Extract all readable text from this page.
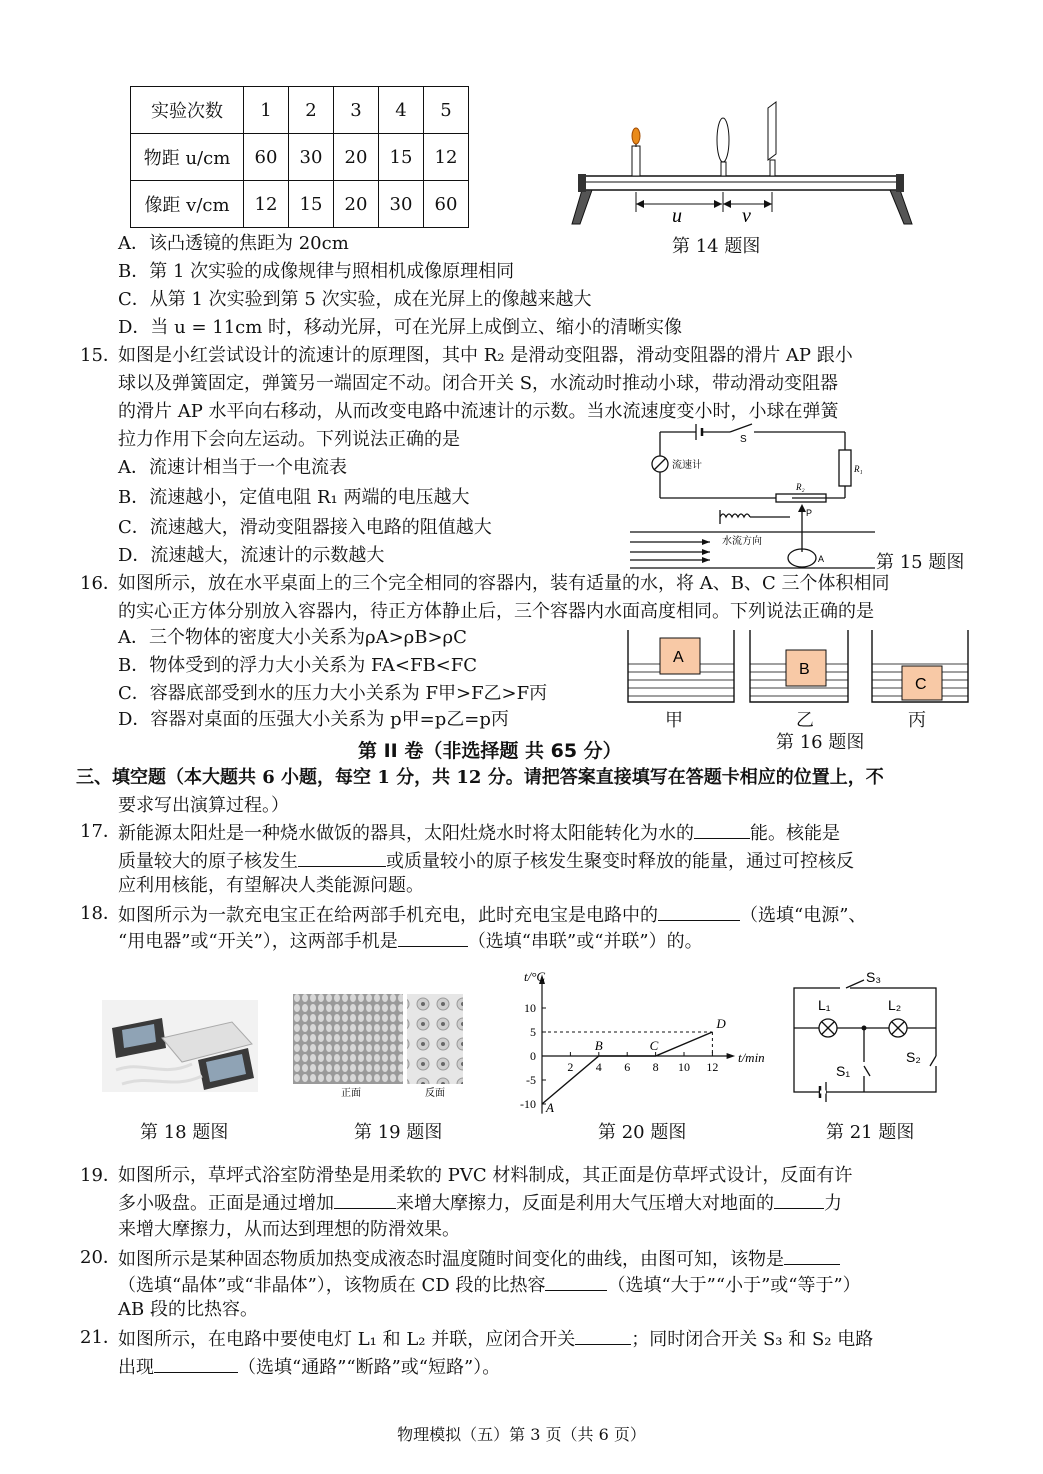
实验次数	1	2	3	4	5
物距 u/cm	60	30	20	15	12
像距 v/cm	12	15	20	30	60
u	v
第 14 题图
A．该凸透镜的焦距为 20cm
B．第 1 次实验的成像规律与照相机成像原理相同
C．从第 1 次实验到第 5 次实验，成在光屏上的像越来越大
D．当 u = 11cm 时，移动光屏，可在光屏上成倒立、缩小的清晰实像
15．
如图是小红尝试设计的流速计的原理图，其中 R₂ 是滑动变阻器，滑动变阻器的滑片 AP 跟小
球以及弹簧固定，弹簧另一端固定不动。闭合开关 S，水流动时推动小球，带动滑动变阻器
的滑片 AP 水平向右移动，从而改变电路中流速计的示数。当水流速度变小时，小球在弹簧
拉力作用下会向左运动。下列说法正确的是
A．流速计相当于一个电流表
B．流速越小，定值电阻 R₁ 两端的电压越大
C．流速越大，滑动变阻器接入电路的阻值越大
D．流速越大，流速计的示数越大
S
流速计	R₁
R₂
P
水流方向
A	第 15 题图
16．
如图所示，放在水平桌面上的三个完全相同的容器内，装有适量的水，将 A、B、C 三个体积相同
的实心正方体分别放入容器内，待正方体静止后，三个容器内水面高度相同。下列说法正确的是
A．三个物体的密度大小关系为ρA>ρB>ρC
B．物体受到的浮力大小关系为 FA<FB<FC
C．容器底部受到水的压力大小关系为 F甲>F乙>F丙
D．容器对桌面的压强大小关系为 p甲=p乙=p丙
A
B
C
甲	乙	丙
第 16 题图
第 II 卷（非选择题 共 65 分）
三、填空题（本大题共 6 小题，每空 1 分，共 12 分。请把答案直接填写在答题卡相应的位置上，不
要求写出演算过程。）
17．
新能源太阳灶是一种烧水做饭的器具，太阳灶烧水时将太阳能转化为水的	能。核能是
质量较大的原子核发生	或质量较小的原子核发生聚变时释放的能量，通过可控核反
应利用核能，有望解决人类能源问题。
18．
如图所示为一款充电宝正在给两部手机充电，此时充电宝是电路中的	（选填“电源”、
“用电器”或“开关”），这两部手机是	（选填“串联”或“并联”）的。
正面	反面
t/°C
t/min
10
5
0
-5
-10
2 4 6 8 10 12
A
B	C
D
S₃
L₁	L₂
S₁
S₂
第 18 题图	第 19 题图	第 20 题图	第 21 题图
19．
如图所示，草坪式浴室防滑垫是用柔软的 PVC 材料制成，其正面是仿草坪式设计，反面有许
多小吸盘。正面是通过增加	来增大摩擦力，反面是利用大气压增大对地面的	力
来增大摩擦力，从而达到理想的防滑效果。
20．
如图所示是某种固态物质加热变成液态时温度随时间变化的曲线，由图可知，该物是
（选填“晶体”或“非晶体”），该物质在 CD 段的比热容	（选填“大于”“小于”或“等于”）
AB 段的比热容。
21．
如图所示，在电路中要使电灯 L₁ 和 L₂ 并联，应闭合开关	；同时闭合开关 S₃ 和 S₂ 电路
出现	（选填“通路”“断路”或“短路”）。
物理模拟（五）第 3 页（共 6 页）
